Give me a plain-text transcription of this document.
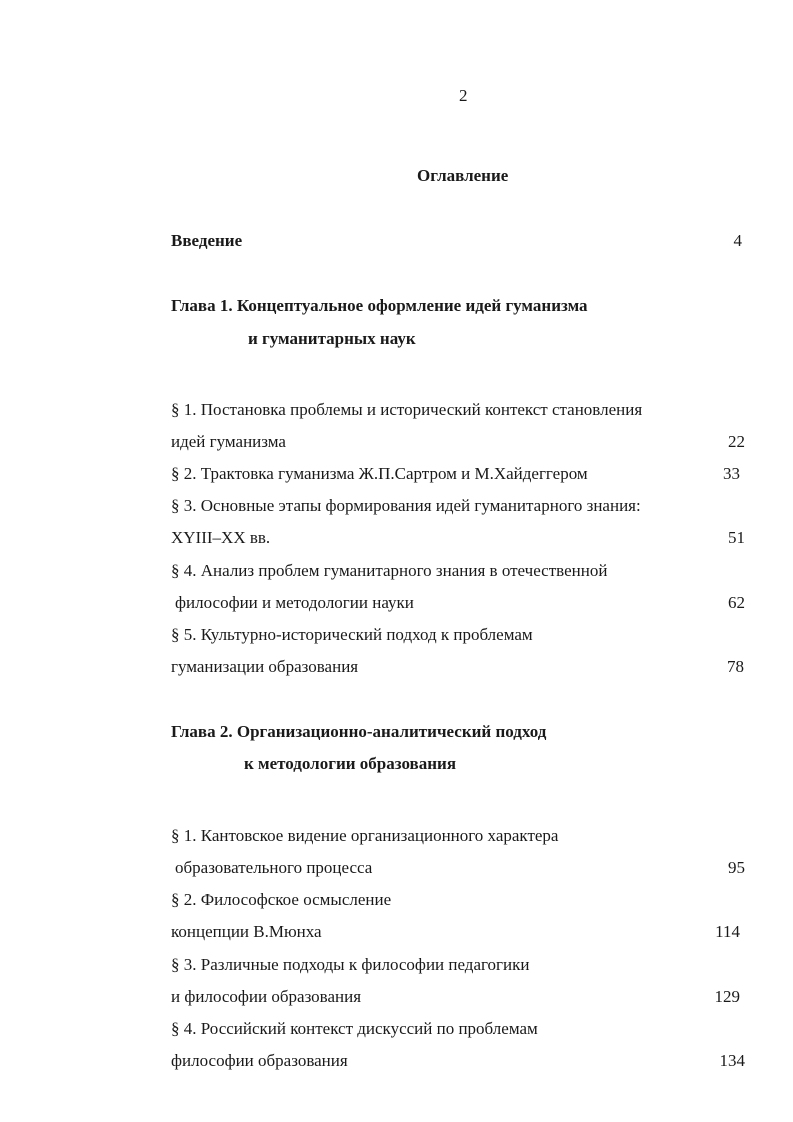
2
Оглавление
Введение	4
Глава 1. Концептуальное оформление идей гуманизма
и гуманитарных наук
§ 1. Постановка проблемы и исторический контекст становления
идей гуманизма	22
§ 2. Трактовка гуманизма Ж.П.Сартром и М.Хайдеггером	33
§ 3. Основные этапы формирования идей гуманитарного знания:
XYIII–XX вв.	51
§ 4. Анализ проблем гуманитарного знания в отечественной
философии и методологии науки	62
§ 5. Культурно-исторический подход к проблемам
гуманизации образования	78
Глава 2. Организационно-аналитический подход
к методологии образования
§ 1. Кантовское видение организационного характера
образовательного процесса	95
§ 2. Философское осмысление
концепции В.Мюнха	114
§ 3. Различные подходы к философии педагогики
и философии образования	129
§ 4. Российский контекст дискуссий по проблемам
философии образования	134
